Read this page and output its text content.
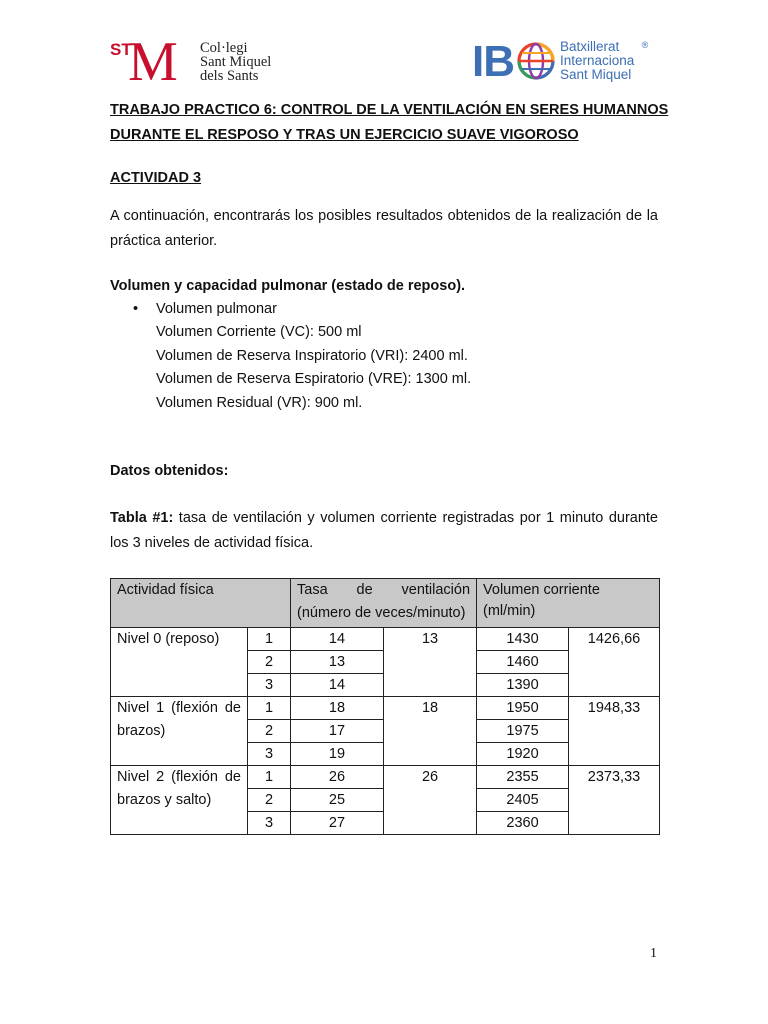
ST
M Col·legi
Sant Miquel
dels Sants	IB	®
Batxillerat
Internaciona
Sant Miquel
TRABAJO PRACTICO 6: CONTROL DE LA VENTILACIÓN EN SERES HUMANNOS DURANTE EL RESPOSO Y TRAS UN EJERCICIO SUAVE VIGOROSO
ACTIVIDAD 3
A continuación, encontrarás los posibles resultados obtenidos de la realización de la práctica anterior.
Volumen y capacidad pulmonar (estado de reposo).
•	Volumen pulmonar
Volumen Corriente (VC): 500 ml
Volumen de Reserva Inspiratorio (VRI): 2400 ml.
Volumen de Reserva Espiratorio (VRE): 1300 ml.
Volumen Residual (VR): 900 ml.
Datos obtenidos:
Tabla #1: tasa de ventilación y volumen corriente registradas por 1 minuto durante los 3 niveles de actividad física.
Actividad física		Tasa de ventilación (número de veces/minuto)		Volumen corriente (ml/min)	
Nivel 0 (reposo)	1	14	13	1430	1426,66
	2	13		1460	
	3	14		1390	
Nivel 1 (flexión de brazos)	1	18	18	1950	1948,33
	2	17		1975	
	3	19		1920	
Nivel 2 (flexión de brazos y salto)	1	26	26	2355	2373,33
	2	25		2405	
	3	27		2360	
1
